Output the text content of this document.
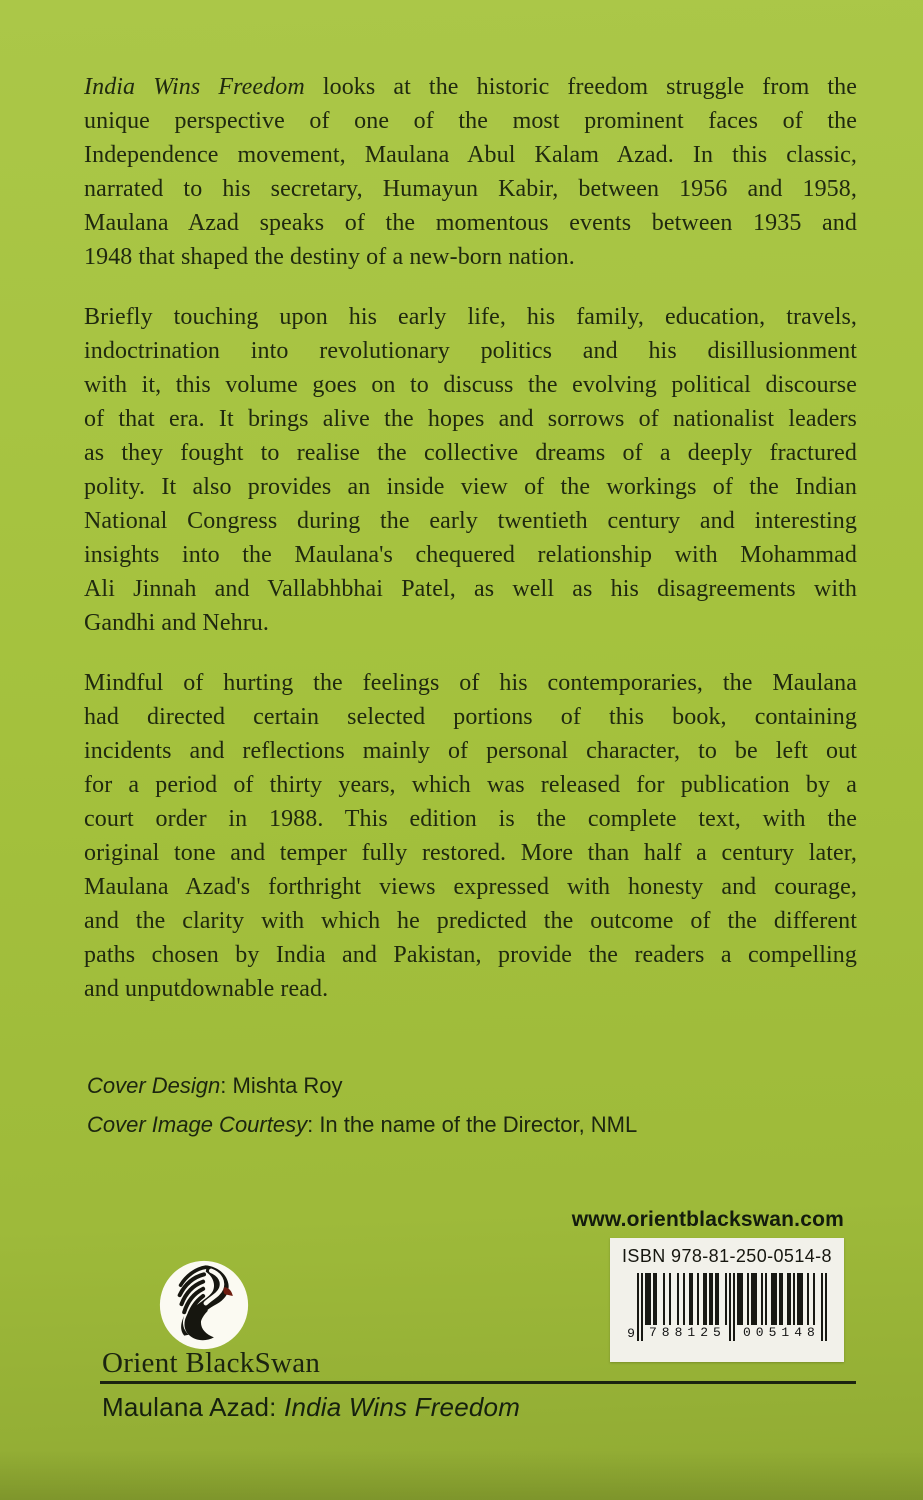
India Wins Freedom looks at the historic freedom struggle from the
unique perspective of one of the most prominent faces of the
Independence movement, Maulana Abul Kalam Azad. In this classic,
narrated to his secretary, Humayun Kabir, between 1956 and 1958,
Maulana Azad speaks of the momentous events between 1935 and
1948 that shaped the destiny of a new-born nation.
Briefly touching upon his early life, his family, education, travels,
indoctrination into revolutionary politics and his disillusionment
with it, this volume goes on to discuss the evolving political discourse
of that era. It brings alive the hopes and sorrows of nationalist leaders
as they fought to realise the collective dreams of a deeply fractured
polity. It also provides an inside view of the workings of the Indian
National Congress during the early twentieth century and interesting
insights into the Maulana's chequered relationship with Mohammad
Ali Jinnah and Vallabhbhai Patel, as well as his disagreements with
Gandhi and Nehru.
Mindful of hurting the feelings of his contemporaries, the Maulana
had directed certain selected portions of this book, containing
incidents and reflections mainly of personal character, to be left out
for a period of thirty years, which was released for publication by a
court order in 1988. This edition is the complete text, with the
original tone and temper fully restored. More than half a century later,
Maulana Azad's forthright views expressed with honesty and courage,
and the clarity with which he predicted the outcome of the different
paths chosen by India and Pakistan, provide the readers a compelling
and unputdownable read.
Cover Design: Mishta Roy
Cover Image Courtesy: In the name of the Director, NML
www.orientblackswan.com
ISBN 978-81-250-0514-8
9	788125	005148
Orient BlackSwan
Maulana Azad: India Wins Freedom
